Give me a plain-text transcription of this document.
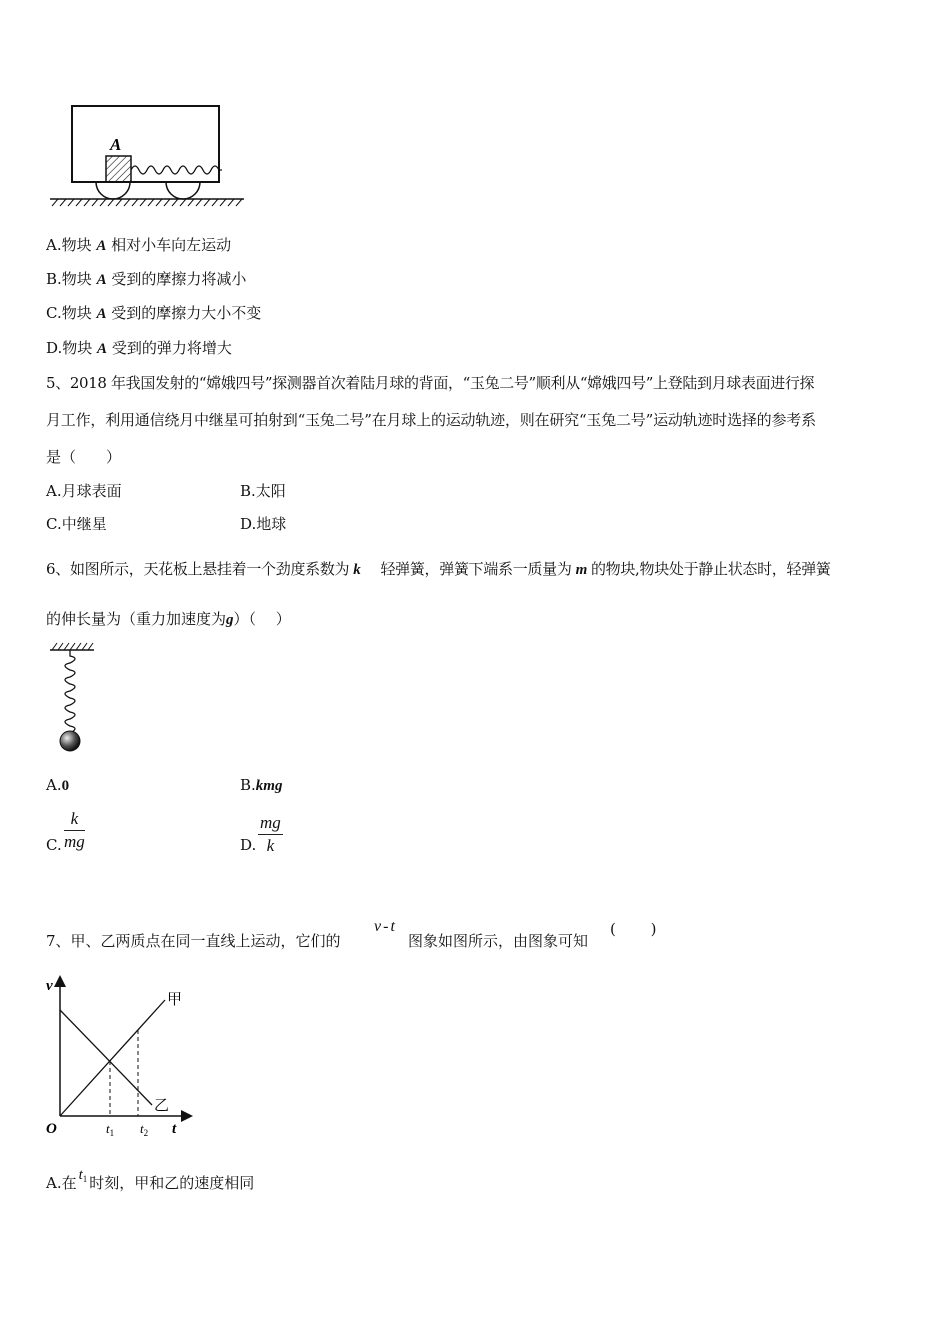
A
A.物块 A 相对小车向左运动
B.物块 A 受到的摩擦力将减小
C.物块 A 受到的摩擦力大小不变
D.物块 A 受到的弹力将增大
5、2018 年我国发射的“嫦娥四号”探测器首次着陆月球的背面，“玉兔二号”顺利从“嫦娥四号”上登陆到月球表面进行探
月工作，利用通信绕月中继星可拍射到“玉兔二号”在月球上的运动轨迹，则在研究“玉兔二号”运动轨迹时选择的参考系
是（　　）
A.月球表面	B.太阳
C.中继星	D.地球
6、如图所示，天花板上悬挂着一个劲度系数为 k 轻弹簧，弹簧下端系一质量为 m 的物块,物块处于静止状态时，轻弹簧
的伸长量为（重力加速度为g）（　 ）
A.0	B.kmg
C. $\frac{k}{mg}$	D. $\frac{mg}{k}$
7、甲、乙两质点在同一直线上运动，它们的
v - t
图象如图所示，由图象可知
(　　 )
v
t
O	$t_1$ $t_2$
甲
乙
A.在 $t_1$ 时刻，甲和乙的速度相同
